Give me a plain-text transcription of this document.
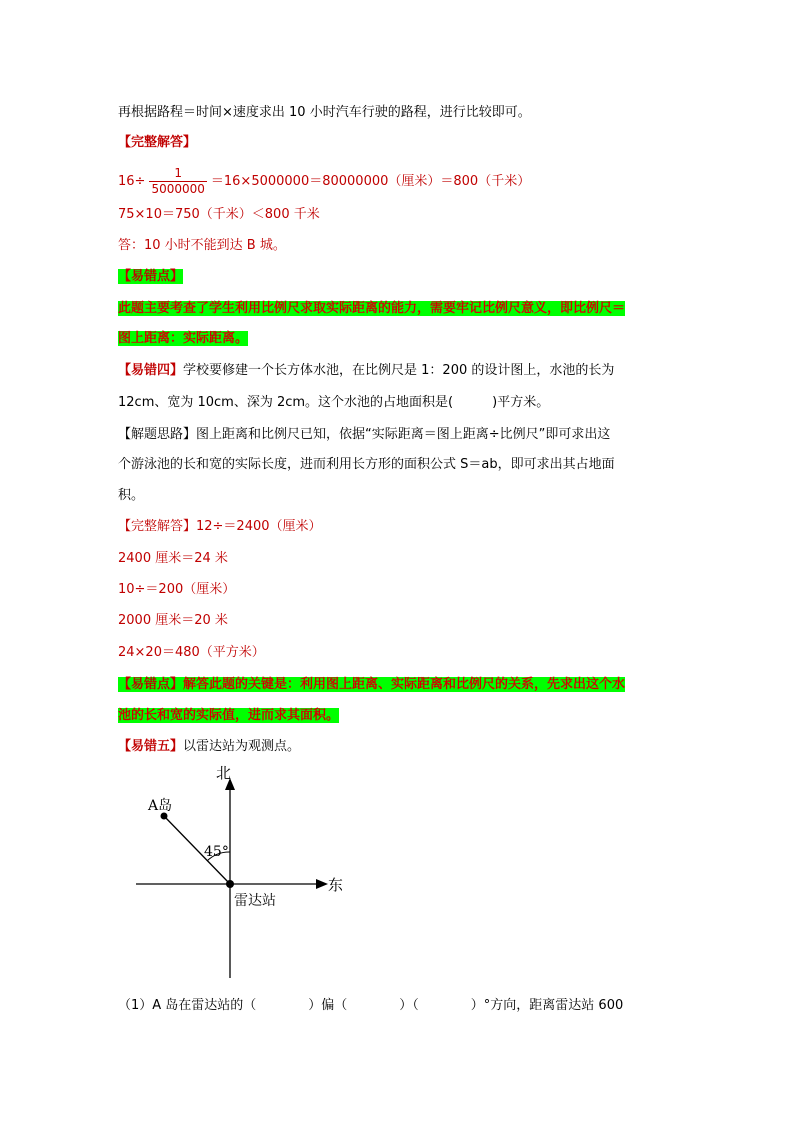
再根据路程＝时间×速度求出 10 小时汽车行驶的路程，进行比较即可。
【完整解答】
$16\div \frac{1}{5000000} =16\times 5000000=80000000$（厘米）＝800（千米）
75×10＝750（千米）＜800 千米
答：10 小时不能到达 B 城。
【易错点】
此题主要考查了学生利用比例尺求取实际距离的能力，需要牢记比例尺意义，即比例尺＝
图上距离：实际距离。
【易错四】学校要修建一个长方体水池，在比例尺是 1：200 的设计图上，水池的长为
12cm、宽为 10cm、深为 2cm。这个水池的占地面积是(　　　)平方米。
【解题思路】图上距离和比例尺已知，依据“实际距离＝图上距离÷比例尺”即可求出这
个游泳池的长和宽的实际长度，进而利用长方形的面积公式 S＝ab，即可求出其占地面
积。
【完整解答】12÷＝2400（厘米）
2400 厘米＝24 米
10÷＝200（厘米）
2000 厘米＝20 米
24×20＝480（平方米）
【易错点】解答此题的关键是：利用图上距离、实际距离和比例尺的关系，先求出这个水
池的长和宽的实际值，进而求其面积。
【易错五】以雷达站为观测点。
北
东
A岛
45°
雷达站
（1）A 岛在雷达站的（　　　　）偏（　　　　）（　　　　）°方向，距离雷达站 600
